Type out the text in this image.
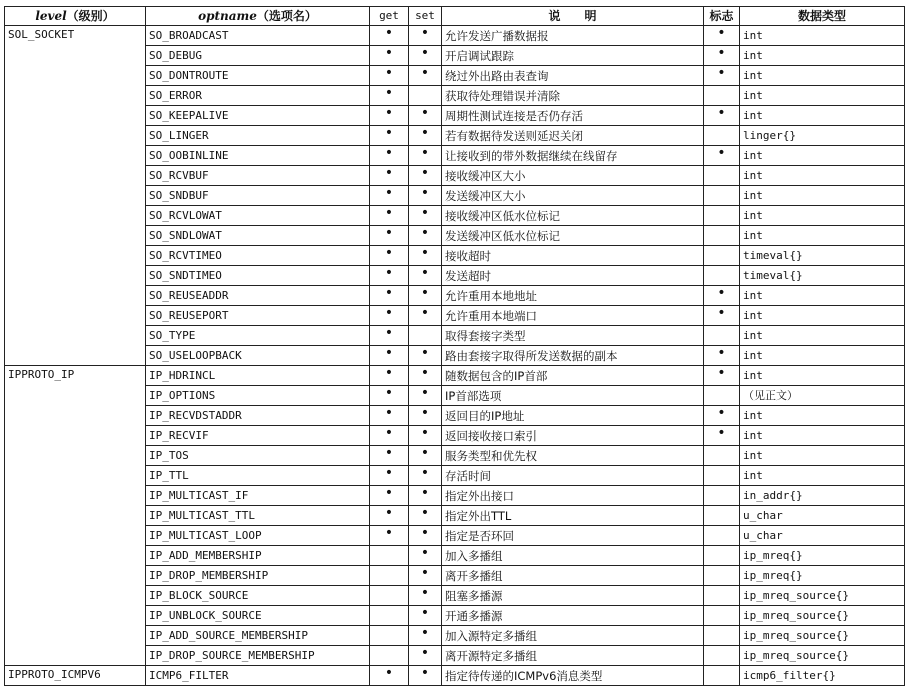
level（级别）	optname（选项名）	get	set	说　　明	标志	数据类型
SOL_SOCKET	SO_BROADCAST	•	•	允许发送广播数据报	•	int
	SO_DEBUG	•	•	开启调试跟踪	•	int
	SO_DONTROUTE	•	•	绕过外出路由表查询	•	int
	SO_ERROR	•		获取待处理错误并清除		int
	SO_KEEPALIVE	•	•	周期性测试连接是否仍存活	•	int
	SO_LINGER	•	•	若有数据待发送则延迟关闭		linger{}
	SO_OOBINLINE	•	•	让接收到的带外数据继续在线留存	•	int
	SO_RCVBUF	•	•	接收缓冲区大小		int
	SO_SNDBUF	•	•	发送缓冲区大小		int
	SO_RCVLOWAT	•	•	接收缓冲区低水位标记		int
	SO_SNDLOWAT	•	•	发送缓冲区低水位标记		int
	SO_RCVTIMEO	•	•	接收超时		timeval{}
	SO_SNDTIMEO	•	•	发送超时		timeval{}
	SO_REUSEADDR	•	•	允许重用本地地址	•	int
	SO_REUSEPORT	•	•	允许重用本地端口	•	int
	SO_TYPE	•		取得套接字类型		int
	SO_USELOOPBACK	•	•	路由套接字取得所发送数据的副本	•	int
IPPROTO_IP	IP_HDRINCL	•	•	随数据包含的IP首部	•	int
	IP_OPTIONS	•	•	IP首部选项		（见正文）
	IP_RECVDSTADDR	•	•	返回目的IP地址	•	int
	IP_RECVIF	•	•	返回接收接口索引	•	int
	IP_TOS	•	•	服务类型和优先权		int
	IP_TTL	•	•	存活时间		int
	IP_MULTICAST_IF	•	•	指定外出接口		in_addr{}
	IP_MULTICAST_TTL	•	•	指定外出TTL		u_char
	IP_MULTICAST_LOOP	•	•	指定是否环回		u_char
	IP_ADD_MEMBERSHIP		•	加入多播组		ip_mreq{}
	IP_DROP_MEMBERSHIP		•	离开多播组		ip_mreq{}
	IP_BLOCK_SOURCE		•	阻塞多播源		ip_mreq_source{}
	IP_UNBLOCK_SOURCE		•	开通多播源		ip_mreq_source{}
	IP_ADD_SOURCE_MEMBERSHIP		•	加入源特定多播组		ip_mreq_source{}
	IP_DROP_SOURCE_MEMBERSHIP		•	离开源特定多播组		ip_mreq_source{}
IPPROTO_ICMPV6	ICMP6_FILTER	•	•	指定待传递的ICMPv6消息类型		icmp6_filter{}
